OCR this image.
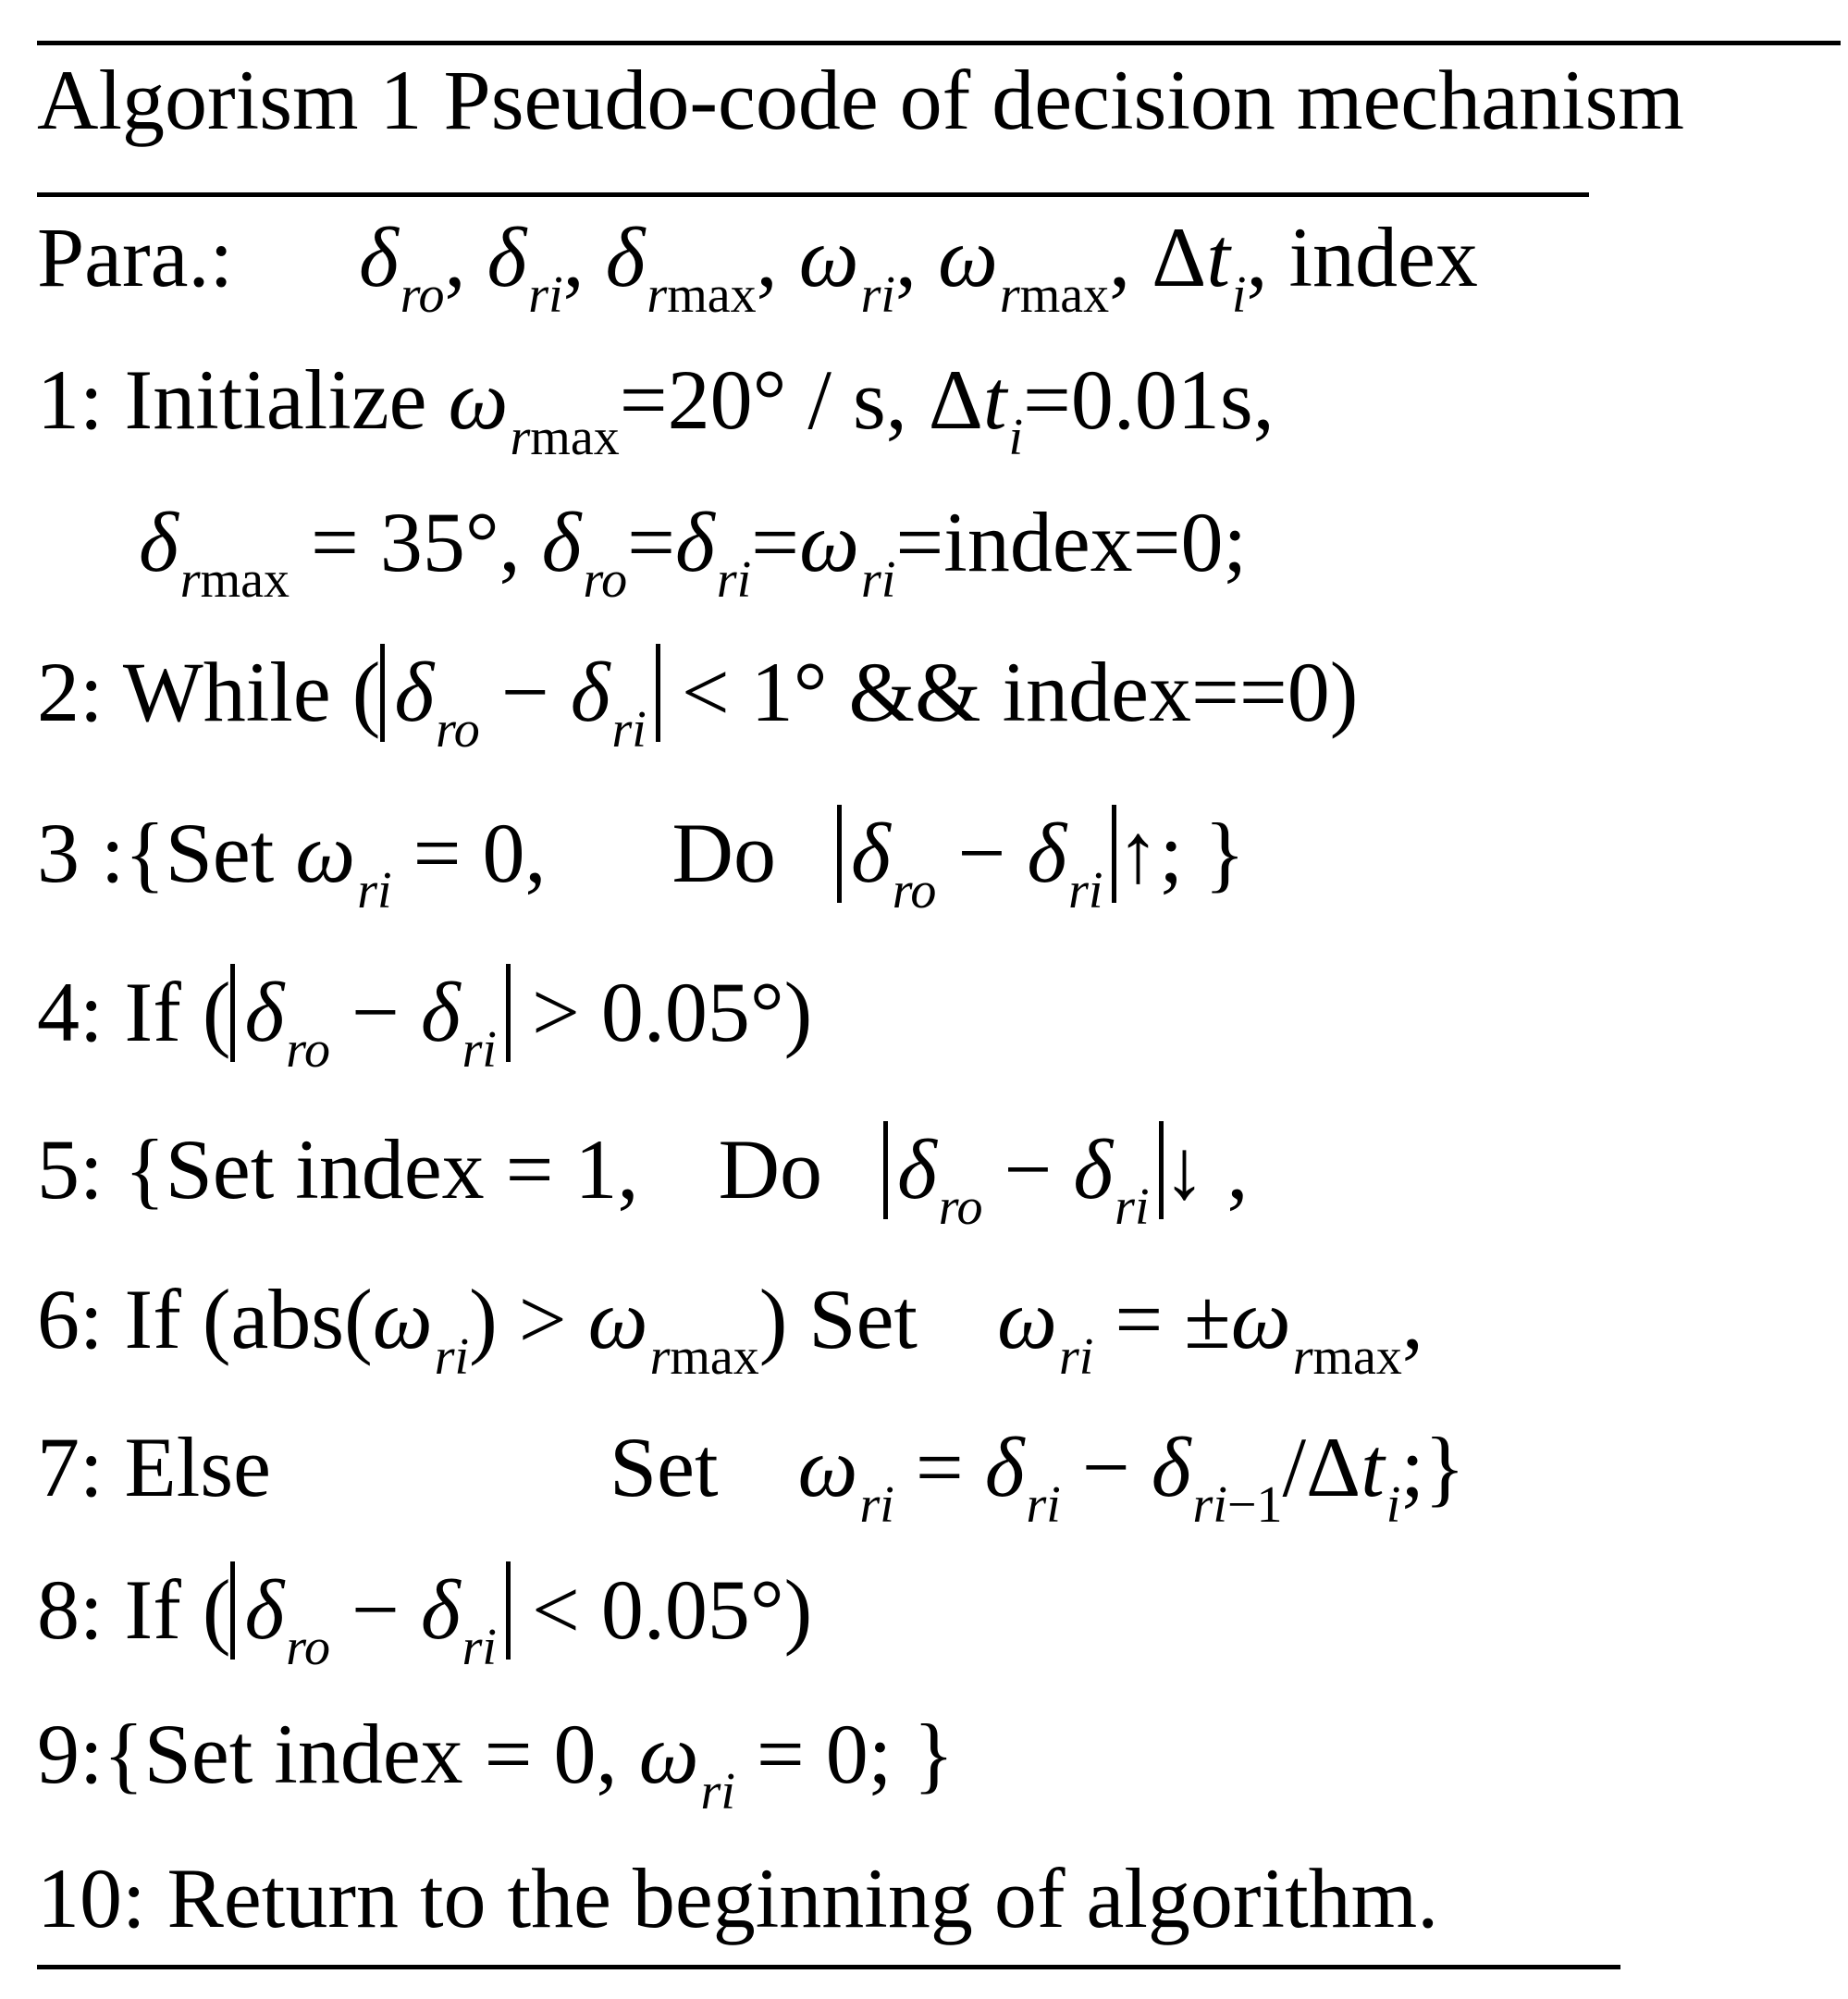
Algorism 1 Pseudo-code of decision mechanism
Para.: $\delta_{ro}$, $\delta_{ri}$, $\delta_{rmax}$, $\omega_{ri}$, $\omega_{rmax}$, $\Delta t_i$, index
1: Initialize $\omega_{rmax}=20^\circ / s$, $\Delta t_i=0.01s$,
$\delta_{rmax} = 35^\circ$, $\delta_{ro}=\delta_{ri}=\omega_{ri}=index=0$;
2: While ( $\delta_{ro} - \delta_{ri} < 1^\circ$ && index==0)
3 :{Set $\omega_{ri} = 0$, Do $\delta_{ro} - \delta_{ri}$ ↑; }
4: If ( $\delta_{ro} - \delta_{ri} > 0.05^\circ$)
5: {Set index = 1, Do $\delta_{ro} - \delta_{ri}$ ↓ ,
6: If $(abs(\omega_{ri}) > \omega_{rmax})$ Set $\omega_{ri} = \pm\omega_{rmax}$,
7: Else	Set $\omega_{ri} = \delta_{ri}$ − $\delta_{ri-1}/\Delta t_i$;}
8: If ( $\delta_{ro} - \delta_{ri} < 0.05^\circ$)
9:{Set index = 0, $\omega_{ri} = 0$; }
10: Return to the beginning of algorithm.
